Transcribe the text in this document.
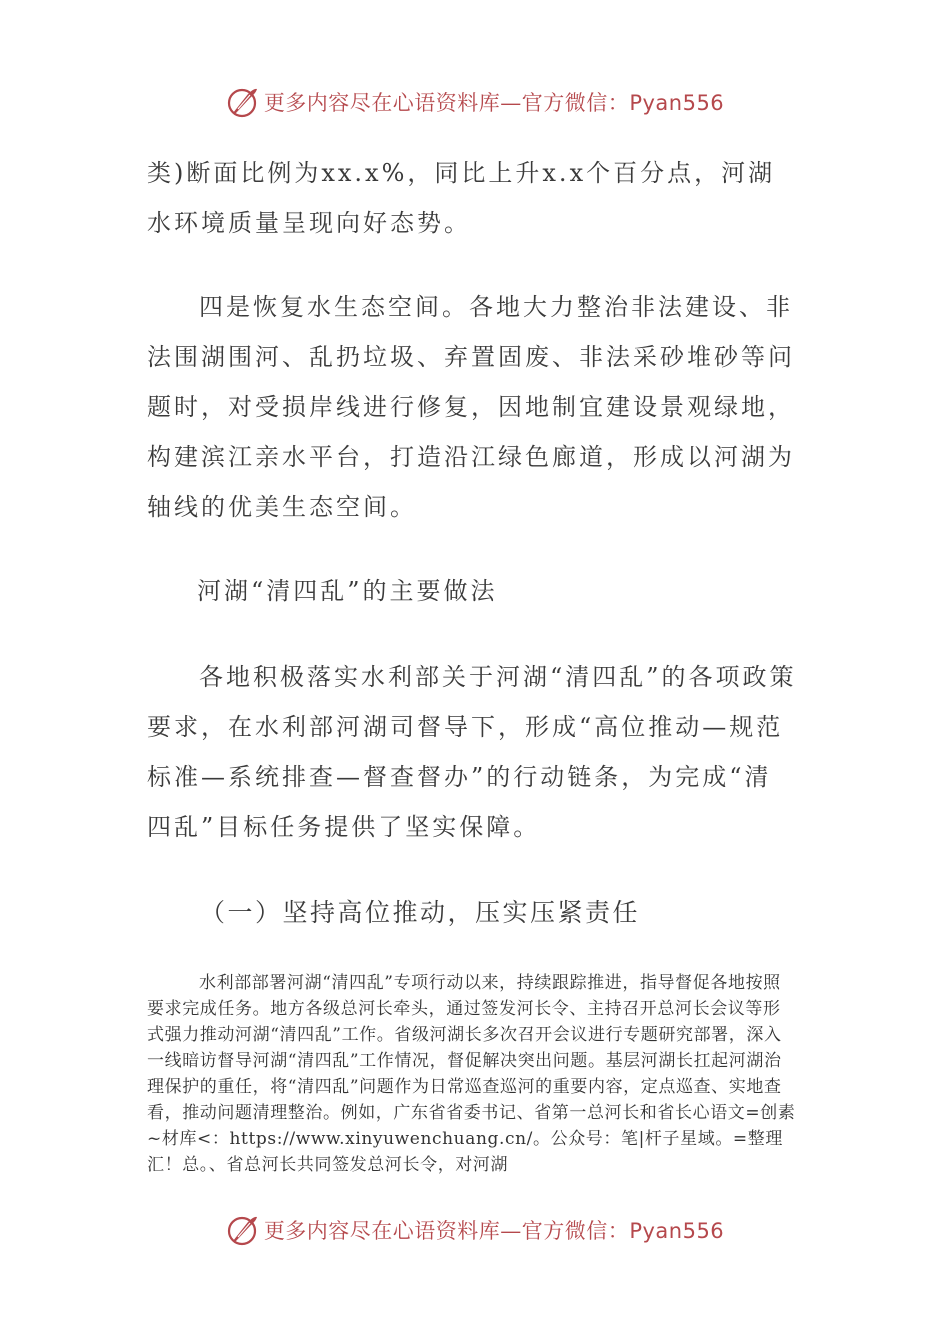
更多内容尽在心语资料库—官方微信：Pyan556

类)断面比例为xx.x%，同比上升x.x个百分点，河湖水环境质量呈现向好态势。

四是恢复水生态空间。各地大力整治非法建设、非法围湖围河、乱扔垃圾、弃置固废、非法采砂堆砂等问题时，对受损岸线进行修复，因地制宜建设景观绿地，构建滨江亲水平台，打造沿江绿色廊道，形成以河湖为轴线的优美生态空间。

河湖“清四乱”的主要做法

各地积极落实水利部关于河湖“清四乱”的各项政策要求，在水利部河湖司督导下，形成“高位推动—规范标准—系统排查—督查督办”的行动链条，为完成“清四乱”目标任务提供了坚实保障。

（一）坚持高位推动，压实压紧责任

水利部部署河湖“清四乱”专项行动以来，持续跟踪推进，指导督促各地按照要求完成任务。地方各级总河长牵头，通过签发河长令、主持召开总河长会议等形式强力推动河湖“清四乱”工作。省级河湖长多次召开会议进行专题研究部署，深入一线暗访督导河湖“清四乱”工作情况，督促解决突出问题。基层河湖长扛起河湖治理保护的重任，将“清四乱”问题作为日常巡查巡河的重要内容，定点巡查、实地查看，推动问题清理整治。例如，广东省省委书记、省第一总河长和省长心语文=创素~材库<：https://www.xinyuwenchuang.cn/。公众号：笔|杆子星域。=整理汇！总。、省总河长共同签发总河长令，对河湖

更多内容尽在心语资料库—官方微信：Pyan556
